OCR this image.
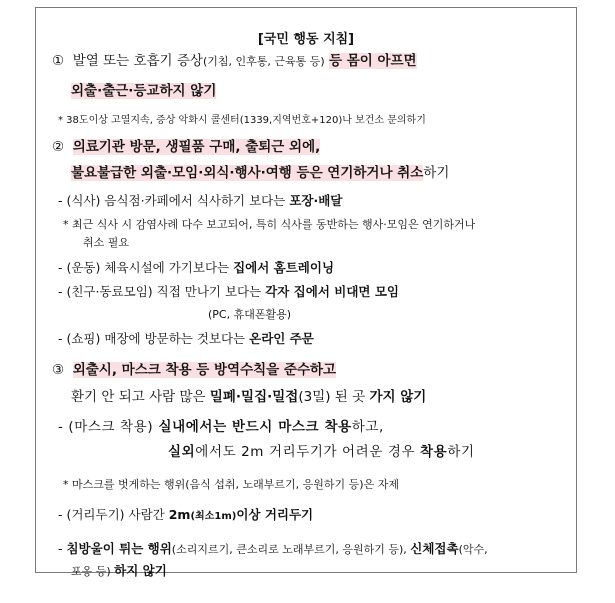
[국민 행동 지침]
① 발열 또는 호흡기 증상(기침, 인후통, 근육통 등) 등 몸이 아프면
외출·출근·등교하지 않기
* 38도이상 고열지속, 증상 악화시 콜센터(1339,지역번호+120)나 보건소 문의하기
② 의료기관 방문, 생필품 구매, 출퇴근 외에,
불요불급한 외출·모임·외식·행사·여행 등은 연기하거나 취소하기
- (식사) 음식점·카페에서 식사하기 보다는 포장·배달
* 최근 식사 시 감염사례 다수 보고되어, 특히 식사를 동반하는 행사·모임은 연기하거나
취소 필요
- (운동) 체육시설에 가기보다는 집에서 홈트레이닝
- (친구·동료모임) 직접 만나기 보다는 각자 집에서 비대면 모임
(PC, 휴대폰활용)
- (쇼핑) 매장에 방문하는 것보다는 온라인 주문
③ 외출시, 마스크 착용 등 방역수칙을 준수하고
환기 안 되고 사람 많은 밀폐·밀집·밀접(3밀) 된 곳 가지 않기
- (마스크 착용) 실내에서는 반드시 마스크 착용하고,
실외에서도 2m 거리두기가 어려운 경우 착용하기
* 마스크를 벗게하는 행위(음식 섭취, 노래부르기, 응원하기 등)은 자제
- (거리두기) 사람간 2m(최소1m)이상 거리두기
- 침방울이 튀는 행위(소리지르기, 큰소리로 노래부르기, 응원하기 등), 신체접촉(악수,
포옹 등) 하지 않기
